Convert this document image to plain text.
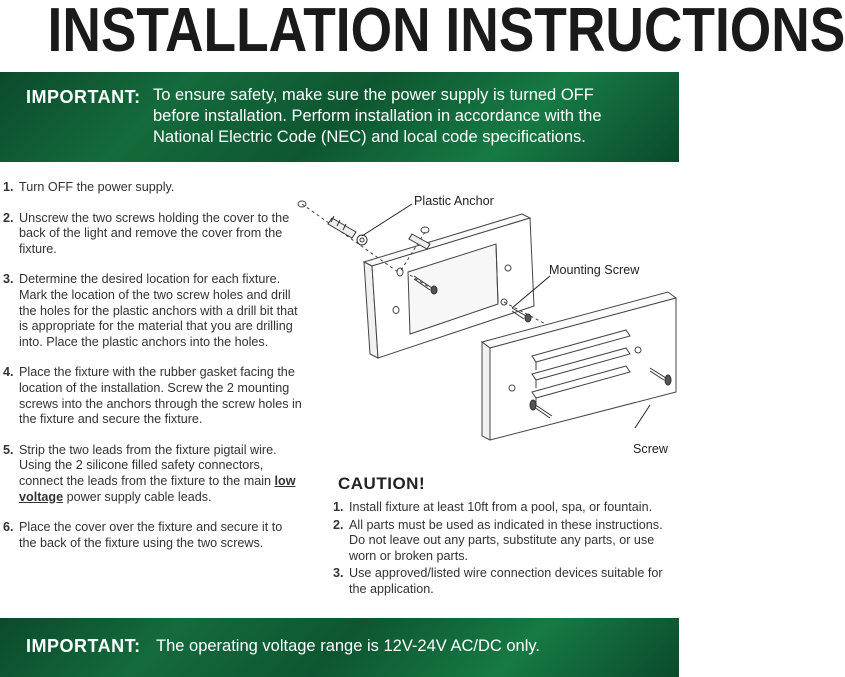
INSTALLATION INSTRUCTIONS
IMPORTANT: To ensure safety, make sure the power supply is turned OFF
before installation. Perform installation in accordance with the
National Electric Code (NEC) and local code specifications.
1. Turn OFF the power supply.
2. Unscrew the two screws holding the cover to the back of the light and remove the cover from the fixture.
3. Determine the desired location for each fixture. Mark the location of the two screw holes and drill the holes for the plastic anchors with a drill bit that is appropriate for the material that you are drilling into. Place the plastic anchors into the holes.
4. Place the fixture with the rubber gasket facing the location of the installation. Screw the 2 mounting screws into the anchors through the screw holes in the fixture and secure the fixture.
5. Strip the two leads from the fixture pigtail wire. Using the 2 silicone filled safety connectors, connect the leads from the fixture to the main low voltage power supply cable leads.
6. Place the cover over the fixture and secure it to the back of the fixture using the two screws.
Plastic Anchor
Mounting Screw
Screw
CAUTION!
1. Install fixture at least 10ft from a pool, spa, or fountain.
2. All parts must be used as indicated in these instructions. Do not leave out any parts, substitute any parts, or use worn or broken parts.
3. Use approved/listed wire connection devices suitable for the application.
IMPORTANT: The operating voltage range is 12V-24V AC/DC only.
